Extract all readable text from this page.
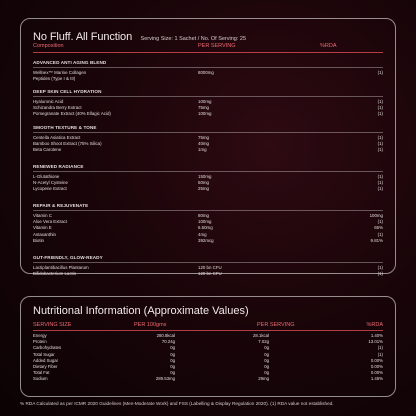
No Fluff. All Function Serving Size: 1 Sachet / No. Of Serving: 25
Composition	PER SERVING	%RDA
ADVANCED ANTI AGING BLEND
Wellnex™ Marine Collagen	8000mg	(1)
Peptides (Type I & III)
DEEP SKIN CELL HYDRATION
Hyaluronic Acid	100mg	(1)
Schizandra Berry Extract	75mg	(1)
Pomegranate Extract (40% Ellagic Acid)	100mg	(1)
SMOOTH TEXTURE & TONE
Centella Asiatica Extract	75mg	(1)
Bamboo Shoot Extract (75% Silica)	40mg	(1)
Beta Carotene	1mg	(1)
RENEWED RADIANCE
L-Glutathione	150mg	(1)
N-Acetyl Cysteine	50mg	(1)
Lycopene Extract	25mg	(1)
REPAIR & REJUVENATE
Vitamin C	80mg	100mg
Aloe Vera Extract	100mg	(1)
Vitamin E	6.50mg	65%
Astaxanthin	4mg	(1)
Biotin	392mcg	9.81%
GUT-FRIENDLY, GLOW-READY
Lactiplantibacillus Plantarum	120 bn CFU	(1)
Bifidobacterium Lactis	120 bn CFU	(1)
Nutritional Information (Approximate Values)
SERVING SIZE	PER 100gms	PER SERVING	%RDA
Energy	280.8kcal	28.1kcal	1.40%
Protein	70.24g	7.02g	13.01%
Carbohydrates	0g	0g	(1)
Total Sugar	0g	0g	(1)
Added Sugar	0g	0g	0.00%
Dietary Fiber	0g	0g	0.00%
Total Fat	0g	0g	0.00%
Sodium	289.53mg	29mg	1.45%
% RDA Calculated as per ICMR 2020 Guidelines (Men-Moderate Work) and FSS (Labelling & Display Regulation 2020). (1) RDA value not established.
